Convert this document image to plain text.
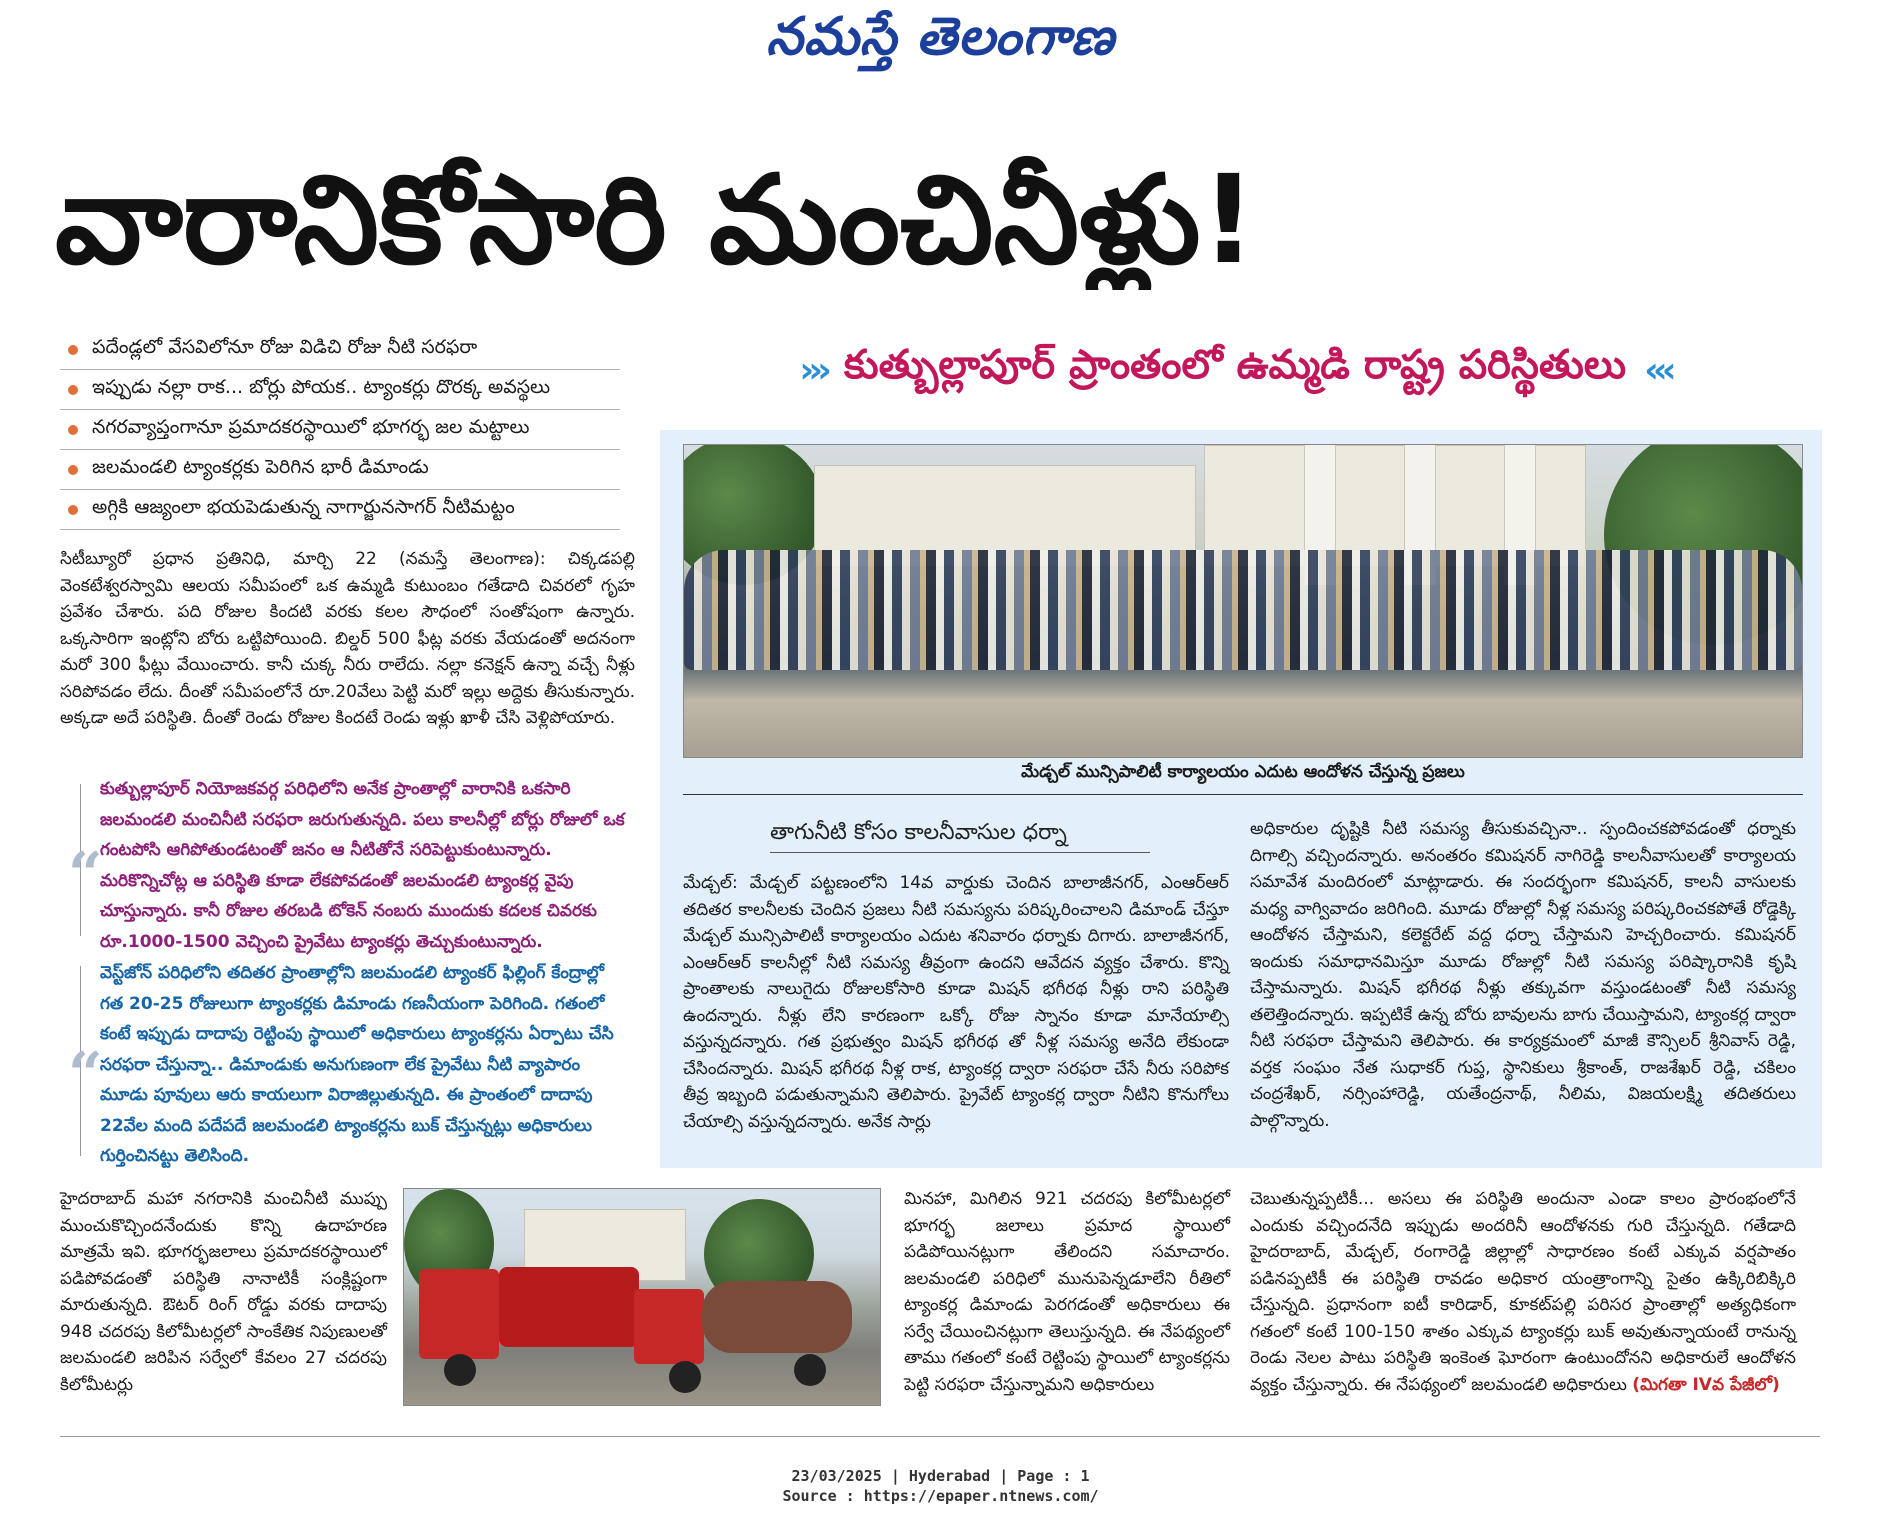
నమస్తే తెలంగాణ
వారానికోసారి మంచినీళ్లు!
పదేండ్లలో వేసవిలోనూ రోజు విడిచి రోజు నీటి సరఫరా
ఇప్పుడు నల్లా రాక... బోర్లు పోయక.. ట్యాంకర్లు దొరక్క అవస్థలు
నగరవ్యాప్తంగానూ ప్రమాదకరస్థాయిలో భూగర్భ జల మట్టాలు
జలమండలి ట్యాంకర్లకు పెరిగిన భారీ డిమాండు
అగ్గికి ఆజ్యంలా భయపెడుతున్న నాగార్జునసాగర్ నీటిమట్టం
››› కుత్బుల్లాపూర్ ప్రాంతంలో ఉమ్మడి రాష్ట్ర పరిస్థితులు ‹‹‹
మేడ్చల్ మున్సిపాలిటీ కార్యాలయం ఎదుట ఆందోళన చేస్తున్న ప్రజలు
సిటీబ్యూరో ప్రధాన ప్రతినిధి, మార్చి 22 (నమస్తే తెలంగాణ): చిక్కడపల్లి వెంకటేశ్వరస్వామి ఆలయ సమీపంలో ఒక ఉమ్మడి కుటుంబం గతేడాది చివరలో గృహ ప్రవేశం చేశారు. పది రోజుల కిందటి వరకు కలల సౌధంలో సంతోషంగా ఉన్నారు. ఒక్కసారిగా ఇంట్లోని బోరు ఒట్టిపోయింది. బిల్డర్ 500 ఫీట్ల వరకు వేయడంతో అదనంగా మరో 300 ఫీట్లు వేయించారు. కానీ చుక్క నీరు రాలేదు. నల్లా కనెక్షన్ ఉన్నా వచ్చే నీళ్లు సరిపోవడం లేదు. దీంతో సమీపంలోనే రూ.20వేలు పెట్టి మరో ఇల్లు అద్దెకు తీసుకున్నారు. అక్కడా అదే పరిస్థితి. దీంతో రెండు రోజుల కిందటే రెండు ఇళ్లు ఖాళీ చేసి వెళ్లిపోయారు.
“
కుత్బుల్లాపూర్ నియోజకవర్గ పరిధిలోని అనేక ప్రాంతాల్లో వారానికి ఒకసారి జలమండలి మంచినీటి సరఫరా జరుగుతున్నది. పలు కాలనీల్లో బోర్లు రోజులో ఒక గంటపోసి ఆగిపోతుండటంతో జనం ఆ నీటితోనే సరిపెట్టుకుంటున్నారు. మరికొన్నిచోట్ల ఆ పరిస్థితి కూడా లేకపోవడంతో జలమండలి ట్యాంకర్ల వైపు చూస్తున్నారు. కానీ రోజుల తరబడి టోకెన్ నంబరు ముందుకు కదలక చివరకు రూ.1000-1500 వెచ్చించి ప్రైవేటు ట్యాంకర్లు తెచ్చుకుంటున్నారు.
“
వెస్ట్‌జోన్ పరిధిలోని తదితర ప్రాంతాల్లోని జలమండలి ట్యాంకర్ ఫిల్లింగ్ కేంద్రాల్లో గత 20-25 రోజులుగా ట్యాంకర్లకు డిమాండు గణనీయంగా పెరిగింది. గతంలో కంటే ఇప్పుడు దాదాపు రెట్టింపు స్థాయిలో అధికారులు ట్యాంకర్లను ఏర్పాటు చేసి సరఫరా చేస్తున్నా.. డిమాండుకు అనుగుణంగా లేక ప్రైవేటు నీటి వ్యాపారం మూడు పూవులు ఆరు కాయలుగా విరాజిల్లుతున్నది. ఈ ప్రాంతంలో దాదాపు 22వేల మంది పదేపదే జలమండలి ట్యాంకర్లను బుక్ చేస్తున్నట్లు అధికారులు గుర్తించినట్టు తెలిసింది.
తాగునీటి కోసం కాలనీవాసుల ధర్నా
మేడ్చల్: మేడ్చల్ పట్టణంలోని 14వ వార్డుకు చెందిన బాలాజీనగర్, ఎంఆర్ఆర్ తదితర కాలనీలకు చెందిన ప్రజలు నీటి సమస్యను పరిష్కరించాలని డిమాండ్ చేస్తూ మేడ్చల్ మున్సిపాలిటీ కార్యాలయం ఎదుట శనివారం ధర్నాకు దిగారు. బాలాజీనగర్, ఎంఆర్ఆర్ కాలనీల్లో నీటి సమస్య తీవ్రంగా ఉందని ఆవేదన వ్యక్తం చేశారు. కొన్ని ప్రాంతాలకు నాలుగైదు రోజులకోసారి కూడా మిషన్ భగీరథ నీళ్లు రాని పరిస్థితి ఉందన్నారు. నీళ్లు లేని కారణంగా ఒక్కో రోజు స్నానం కూడా మానేయాల్సి వస్తున్నదన్నారు. గత ప్రభుత్వం మిషన్ భగీరథ తో నీళ్ల సమస్య అనేది లేకుండా చేసిందన్నారు. మిషన్ భగీరథ నీళ్ల రాక, ట్యాంకర్ల ద్వారా సరఫరా చేసే నీరు సరిపోక తీవ్ర ఇబ్బంది పడుతున్నామని తెలిపారు. ప్రైవేట్ ట్యాంకర్ల ద్వారా నీటిని కొనుగోలు చేయాల్సి వస్తున్నదన్నారు. అనేక సార్లు
అధికారుల దృష్టికి నీటి సమస్య తీసుకువచ్చినా.. స్పందించకపోవడంతో ధర్నాకు దిగాల్సి వచ్చిందన్నారు. అనంతరం కమిషనర్ నాగిరెడ్డి కాలనీవాసులతో కార్యాలయ సమావేశ మందిరంలో మాట్లాడారు. ఈ సందర్భంగా కమిషనర్, కాలనీ వాసులకు మధ్య వాగ్వివాదం జరిగింది. మూడు రోజుల్లో నీళ్ల సమస్య పరిష్కరించకపోతే రోడ్డెక్కి ఆందోళన చేస్తామని, కలెక్టరేట్ వద్ద ధర్నా చేస్తామని హెచ్చరించారు. కమిషనర్ ఇందుకు సమాధానమిస్తూ మూడు రోజుల్లో నీటి సమస్య పరిష్కారానికి కృషి చేస్తామన్నారు. మిషన్ భగీరథ నీళ్లు తక్కువగా వస్తుండటంతో నీటి సమస్య తలెత్తిందన్నారు. ఇప్పటికే ఉన్న బోరు బావులను బాగు చేయిస్తామని, ట్యాంకర్ల ద్వారా నీటి సరఫరా చేస్తామని తెలిపారు. ఈ కార్యక్రమంలో మాజీ కౌన్సిలర్ శ్రీనివాస్ రెడ్డి, వర్తక సంఘం నేత సుధాకర్ గుప్త, స్థానికులు శ్రీకాంత్, రాజశేఖర్ రెడ్డి, చకిలం చంద్రశేఖర్, నర్సింహారెడ్డి, యతేంద్రనాథ్, నీలిమ, విజయలక్ష్మి తదితరులు పాల్గొన్నారు.
హైదరాబాద్ మహా నగరానికి మంచినీటి ముప్పు ముంచుకొచ్చిందనేందుకు కొన్ని ఉదాహరణ మాత్రమే ఇవి. భూగర్భజలాలు ప్రమాదకరస్థాయిలో పడిపోవడంతో పరిస్థితి నానాటికీ సంక్లిష్టంగా మారుతున్నది. ఔటర్ రింగ్ రోడ్డు వరకు దాదాపు 948 చదరపు కిలోమీటర్లలో సాంకేతిక నిపుణులతో జలమండలి జరిపిన సర్వేలో కేవలం 27 చదరపు కిలోమీటర్లు
మినహా, మిగిలిన 921 చదరపు కిలోమీటర్లలో భూగర్భ జలాలు ప్రమాద స్థాయిలో పడిపోయినట్లుగా తేలిందని సమాచారం. జలమండలి పరిధిలో మునుపెన్నడూలేని రీతిలో ట్యాంకర్ల డిమాండు పెరగడంతో అధికారులు ఈ సర్వే చేయించినట్లుగా తెలుస్తున్నది. ఈ నేపథ్యంలో తాము గతంలో కంటే రెట్టింపు స్థాయిలో ట్యాంకర్లను పెట్టి సరఫరా చేస్తున్నామని అధికారులు
చెబుతున్నప్పటికీ... అసలు ఈ పరిస్థితి అందునా ఎండా కాలం ప్రారంభంలోనే ఎందుకు వచ్చిందనేది ఇప్పుడు అందరినీ ఆందోళనకు గురి చేస్తున్నది. గతేడాది హైదరాబాద్, మేడ్చల్, రంగారెడ్డి జిల్లాల్లో సాధారణం కంటే ఎక్కువ వర్షపాతం పడినప్పటికీ ఈ పరిస్థితి రావడం అధికార యంత్రాంగాన్ని సైతం ఉక్కిరిబిక్కిరి చేస్తున్నది. ప్రధానంగా ఐటీ కారిడార్, కూకట్‌పల్లి పరిసర ప్రాంతాల్లో అత్యధికంగా గతంలో కంటే 100-150 శాతం ఎక్కువ ట్యాంకర్లు బుక్ అవుతున్నాయంటే రానున్న రెండు నెలల పాటు పరిస్థితి ఇంకెంత ఘోరంగా ఉంటుందోనని అధికారులే ఆందోళన వ్యక్తం చేస్తున్నారు. ఈ నేపథ్యంలో జలమండలి అధికారులు (మిగతా IVవ పేజీలో)
23/03/2025 | Hyderabad | Page : 1
Source : https://epaper.ntnews.com/
